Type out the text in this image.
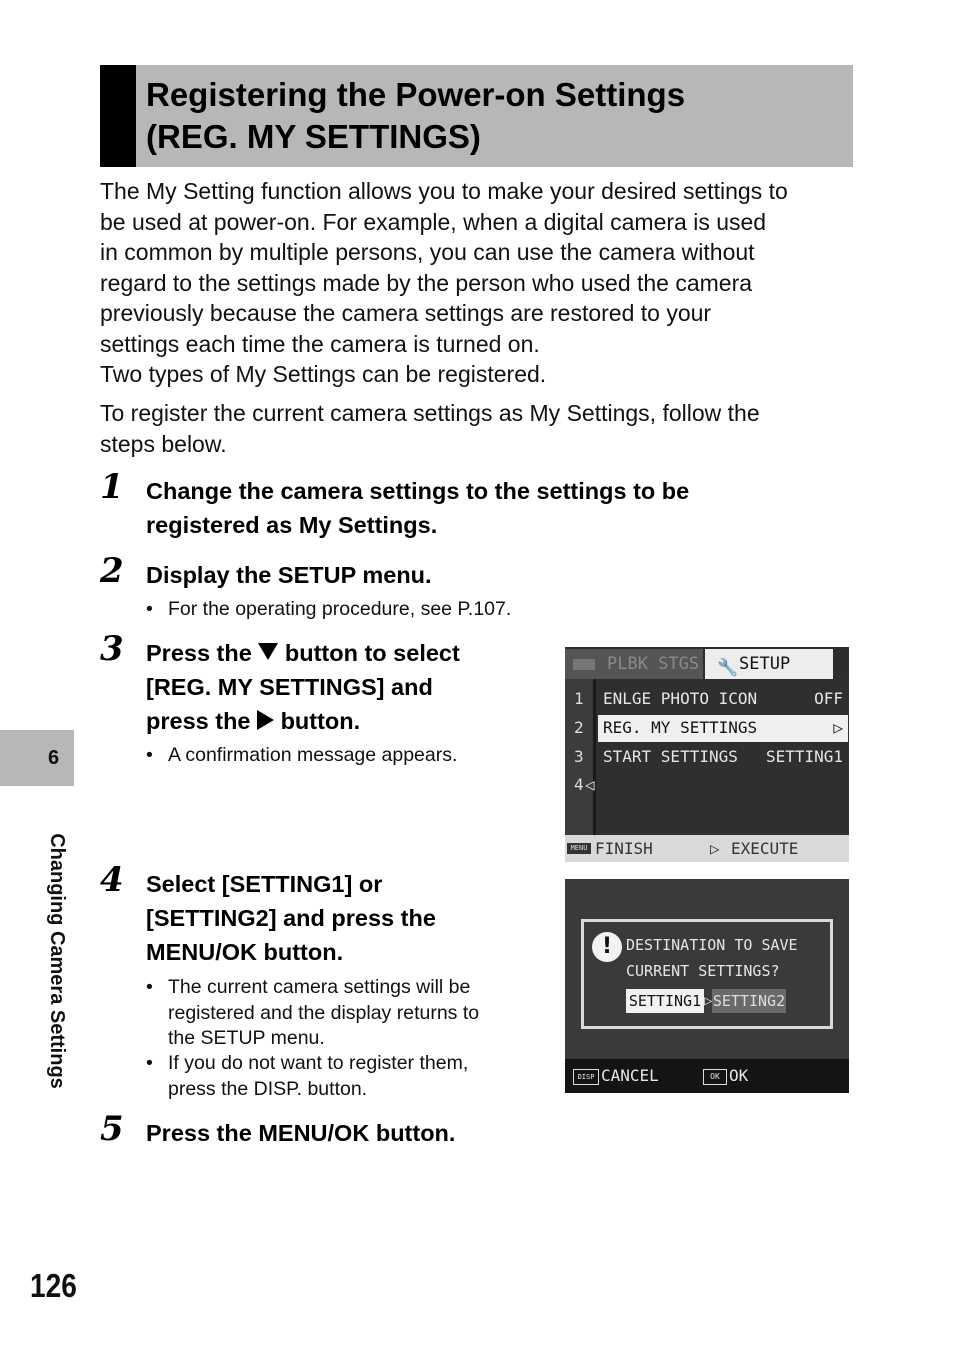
Registering the Power-on Settings
(REG. MY SETTINGS)

The My Setting function allows you to make your desired settings to
be used at power-on. For example, when a digital camera is used
in common by multiple persons, you can use the camera without
regard to the settings made by the person who used the camera
previously because the camera settings are restored to your
settings each time the camera is turned on.
Two types of My Settings can be registered.

To register the current camera settings as My Settings, follow the
steps below.

1 Change the camera settings to the settings to be
registered as My Settings.

2 Display the SETUP menu.

• For the operating procedure, see P.107.
3 Press the button to select
[REG. MY SETTINGS] and
press the button.

• A confirmation message appears.
PLBK STGS 🔧 SETUP
1 ENLGE PHOTO ICON	OFF
2 REG. MY SETTINGS	▷
3 START SETTINGS SETTING1
4 ◁
MENU FINISH	▷ EXECUTE
4 Select [SETTING1] or
[SETTING2] and press the
MENU/OK button.

• The current camera settings will be
registered and the display returns to
the SETUP menu.
• If you do not want to register them,
press the DISP. button.
! DESTINATION TO SAVE
CURRENT SETTINGS?
SETTING1 ▷ SETTING2
DISP CANCEL	OK OK
5 Press the MENU/OK button.

6
Changing Camera Settings
126
